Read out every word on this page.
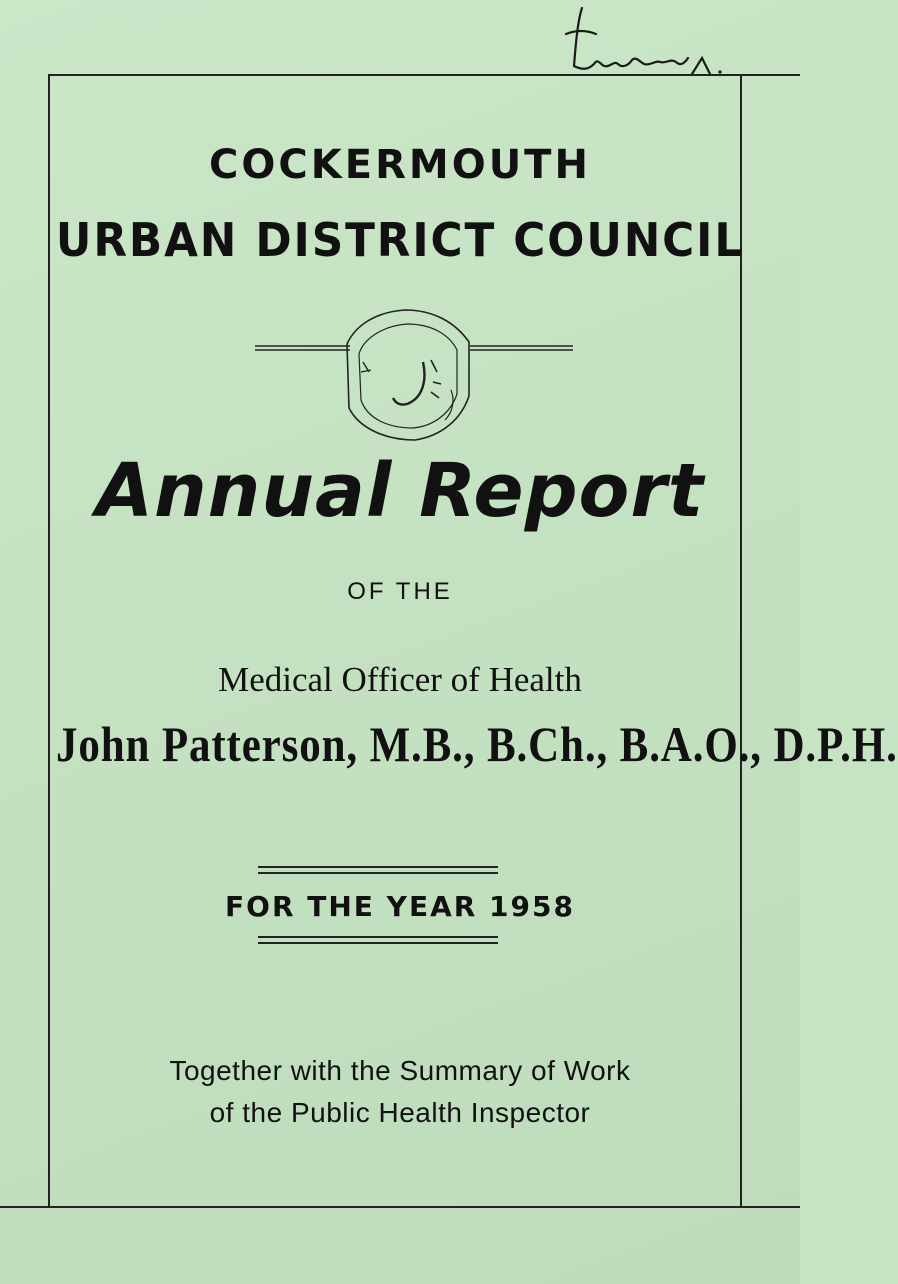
COCKERMOUTH
URBAN DISTRICT COUNCIL
Annual Report
OF THE
Medical Officer of Health
John Patterson, M.B., B.Ch., B.A.O., D.P.H.
FOR THE YEAR 1958
Together with the Summary of Work
of the Public Health Inspector
